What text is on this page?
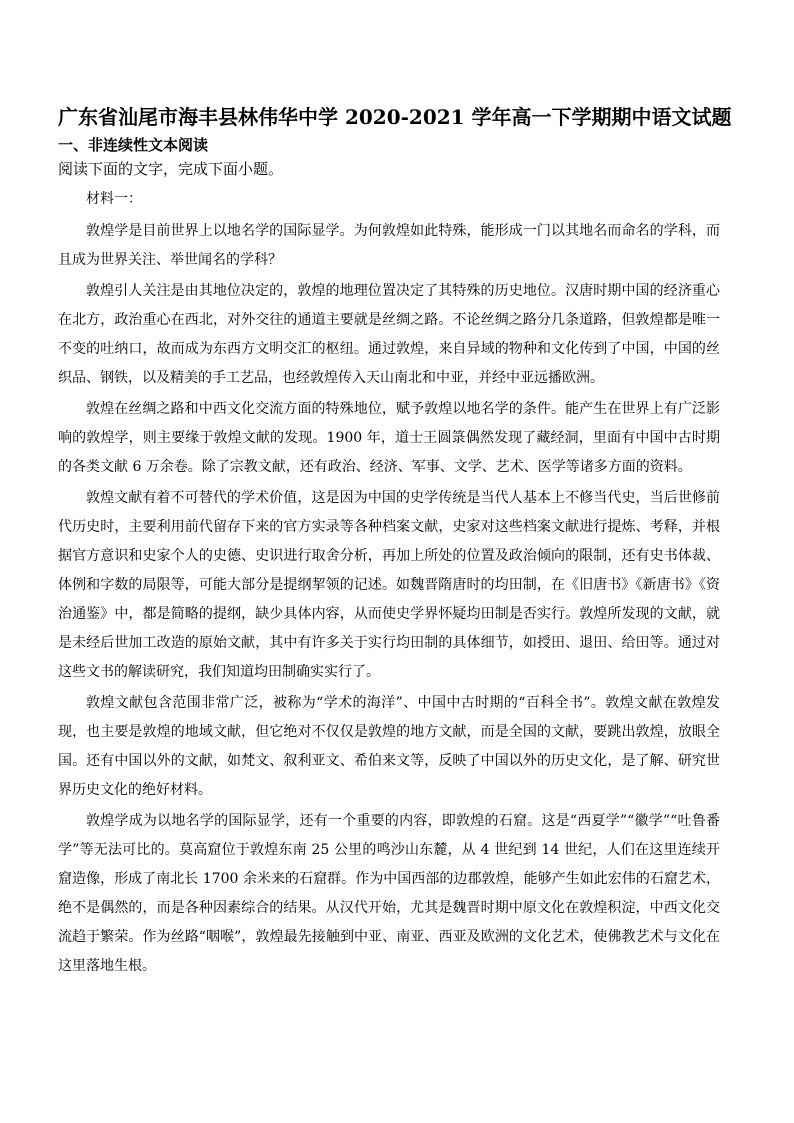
广东省汕尾市海丰县林伟华中学 2020-2021 学年高一下学期期中语文试题

一、非连续性文本阅读

阅读下面的文字，完成下面小题。

材料一：

敦煌学是目前世界上以地名学的国际显学。为何敦煌如此特殊，能形成一门以其地名而命名的学科，而且成为世界关注、举世闻名的学科？

敦煌引人关注是由其地位决定的，敦煌的地理位置决定了其特殊的历史地位。汉唐时期中国的经济重心在北方，政治重心在西北，对外交往的通道主要就是丝绸之路。不论丝绸之路分几条道路，但敦煌都是唯一不变的吐纳口，故而成为东西方文明交汇的枢纽。通过敦煌，来自异域的物种和文化传到了中国，中国的丝织品、钢铁，以及精美的手工艺品，也经敦煌传入天山南北和中亚，并经中亚远播欧洲。

敦煌在丝绸之路和中西文化交流方面的特殊地位，赋予敦煌以地名学的条件。能产生在世界上有广泛影响的敦煌学，则主要缘于敦煌文献的发现。1900 年，道士王圆箓偶然发现了藏经洞，里面有中国中古时期的各类文献 6 万余卷。除了宗教文献，还有政治、经济、军事、文学、艺术、医学等诸多方面的资料。

敦煌文献有着不可替代的学术价值，这是因为中国的史学传统是当代人基本上不修当代史，当后世修前代历史时，主要利用前代留存下来的官方实录等各种档案文献，史家对这些档案文献进行提炼、考释，并根据官方意识和史家个人的史德、史识进行取舍分析，再加上所处的位置及政治倾向的限制，还有史书体裁、体例和字数的局限等，可能大部分是提纲挈领的记述。如魏晋隋唐时的均田制，在《旧唐书》《新唐书》《资治通鉴》中，都是简略的提纲，缺少具体内容，从而使史学界怀疑均田制是否实行。敦煌所发现的文献，就是未经后世加工改造的原始文献，其中有许多关于实行均田制的具体细节，如授田、退田、给田等。通过对这些文书的解读研究，我们知道均田制确实实行了。

敦煌文献包含范围非常广泛，被称为“学术的海洋”、中国中古时期的“百科全书”。敦煌文献在敦煌发现，也主要是敦煌的地域文献，但它绝对不仅仅是敦煌的地方文献，而是全国的文献，要跳出敦煌，放眼全国。还有中国以外的文献，如梵文、叙利亚文、希伯来文等，反映了中国以外的历史文化，是了解、研究世界历史文化的绝好材料。

敦煌学成为以地名学的国际显学，还有一个重要的内容，即敦煌的石窟。这是“西夏学”“徽学”“吐鲁番学”等无法可比的。莫高窟位于敦煌东南 25 公里的鸣沙山东麓，从 4 世纪到 14 世纪，人们在这里连续开窟造像，形成了南北长 1700 余米来的石窟群。作为中国西部的边郡敦煌，能够产生如此宏伟的石窟艺术，绝不是偶然的，而是各种因素综合的结果。从汉代开始，尤其是魏晋时期中原文化在敦煌积淀，中西文化交流趋于繁荣。作为丝路“咽喉”，敦煌最先接触到中亚、南亚、西亚及欧洲的文化艺术，使佛教艺术与文化在这里落地生根。
